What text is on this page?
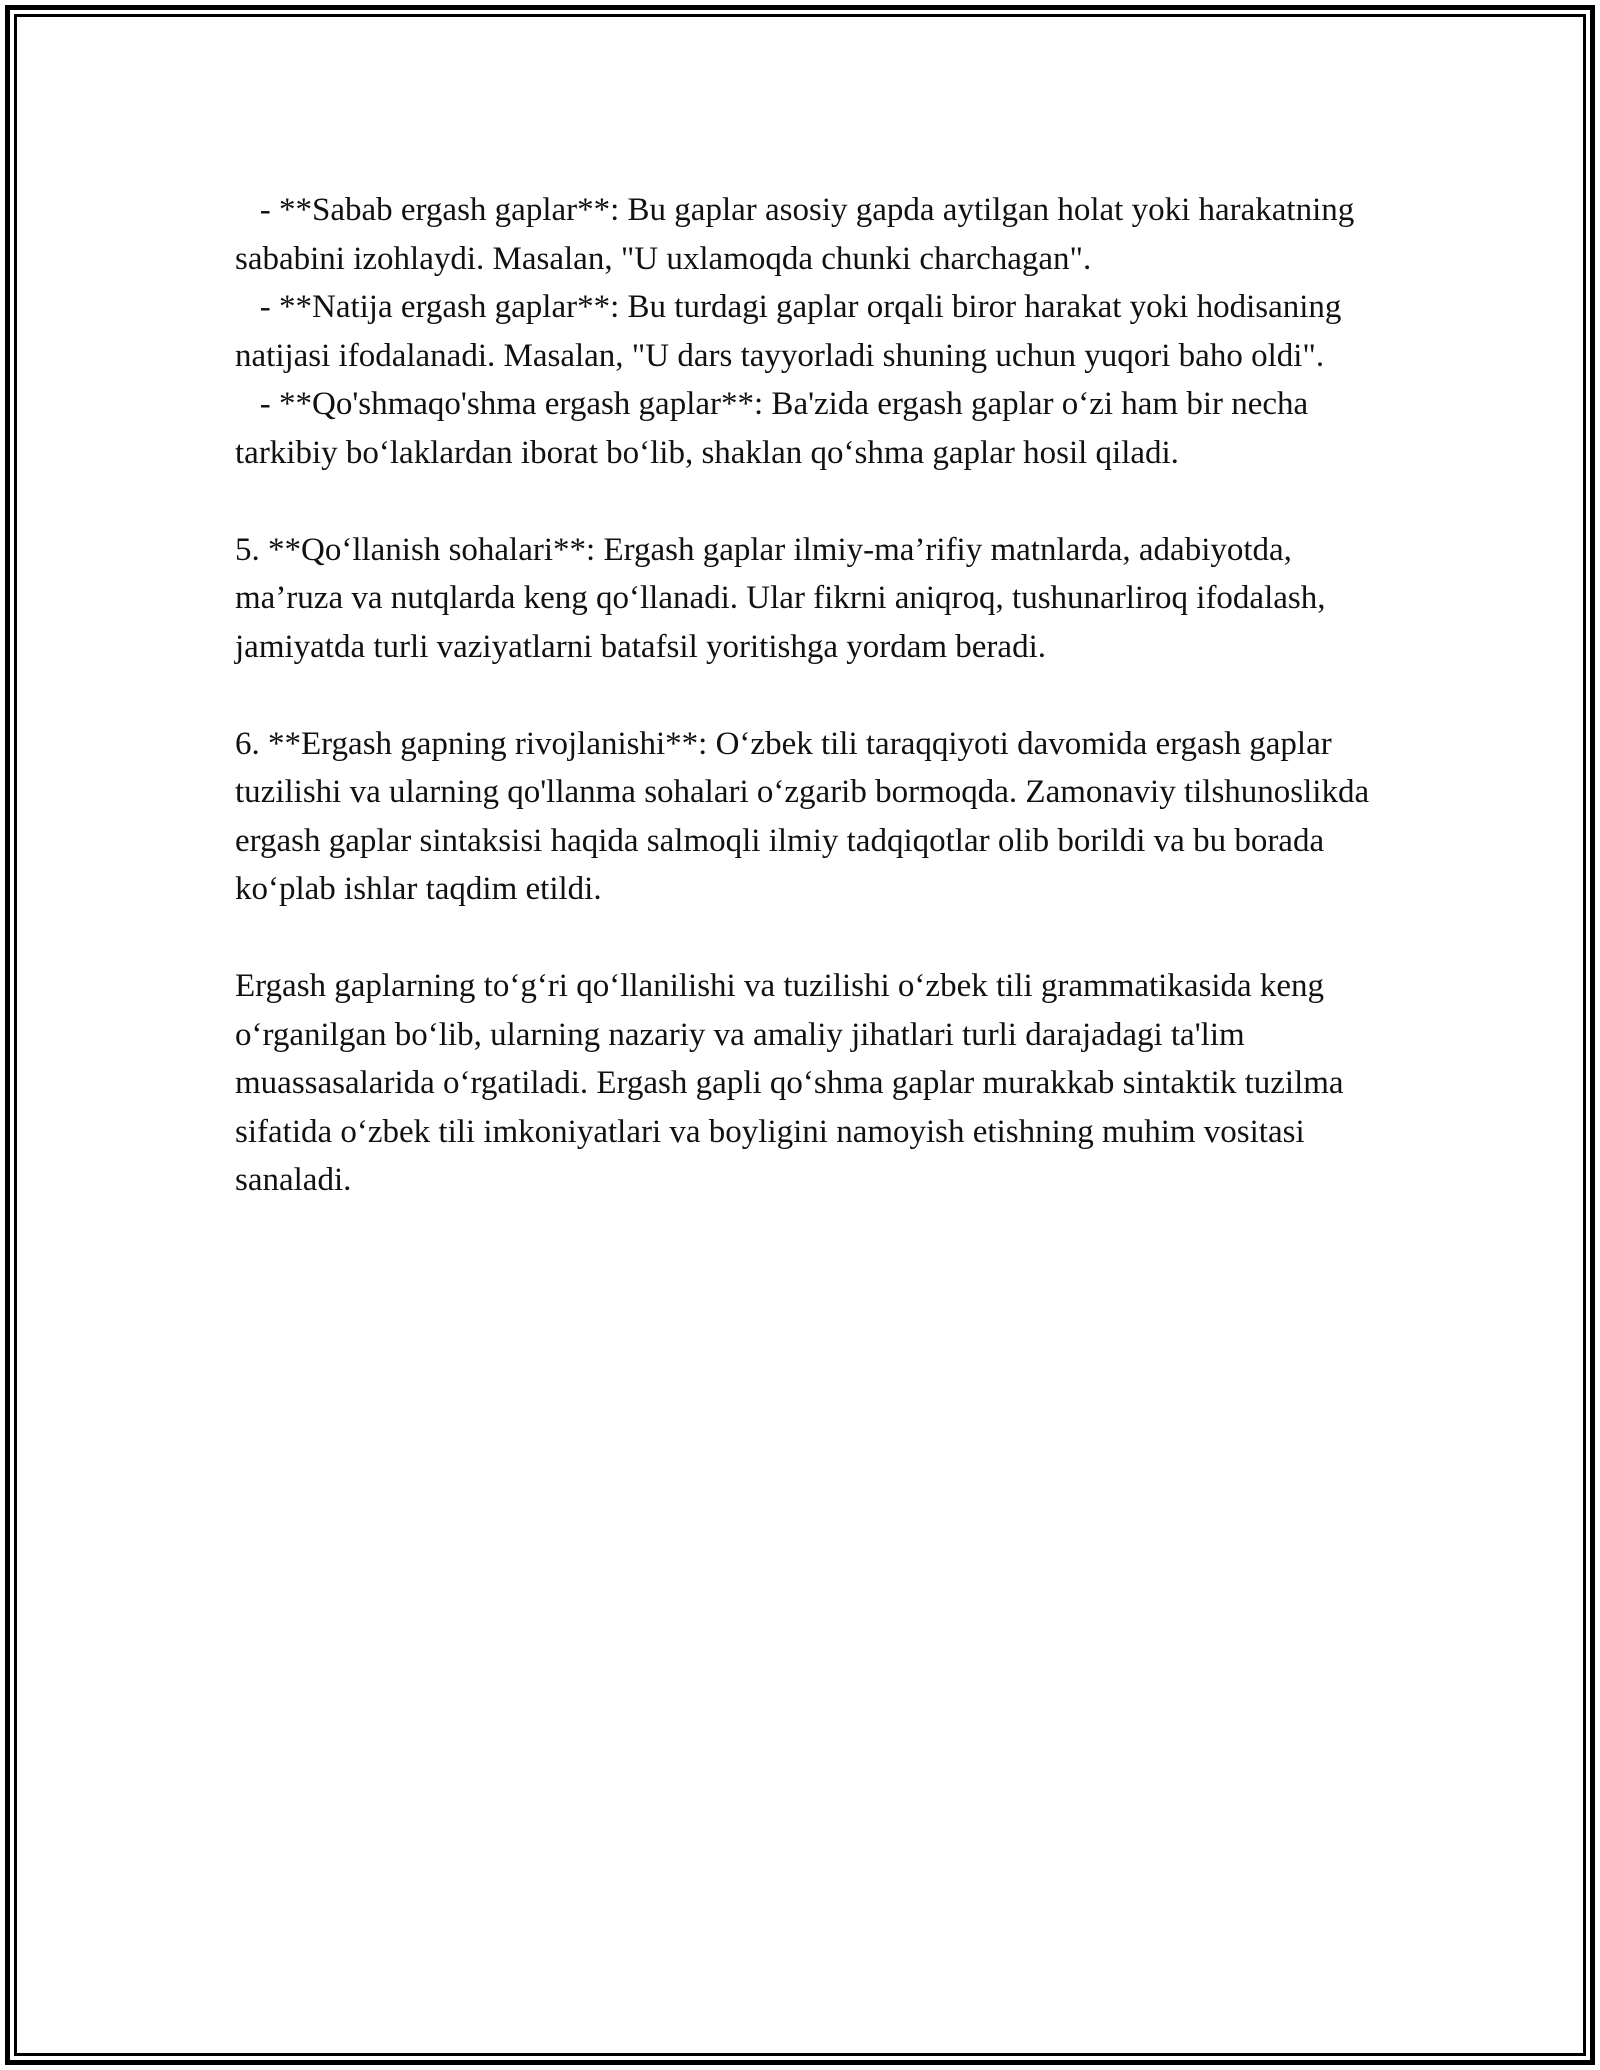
- **Sabab ergash gaplar**: Bu gaplar asosiy gapda aytilgan holat yoki harakatning sababini izohlaydi. Masalan, "U uxlamoqda chunki charchagan".

- **Natija ergash gaplar**: Bu turdagi gaplar orqali biror harakat yoki hodisaning natijasi ifodalanadi. Masalan, "U dars tayyorladi shuning uchun yuqori baho oldi".

- **Qo'shmaqo'shma ergash gaplar**: Ba'zida ergash gaplar o‘zi ham bir necha tarkibiy bo‘laklardan iborat bo‘lib, shaklan qo‘shma gaplar hosil qiladi.

5. **Qo‘llanish sohalari**: Ergash gaplar ilmiy-ma’rifiy matnlarda, adabiyotda, ma’ruza va nutqlarda keng qo‘llanadi. Ular fikrni aniqroq, tushunarliroq ifodalash, jamiyatda turli vaziyatlarni batafsil yoritishga yordam beradi.

6. **Ergash gapning rivojlanishi**: O‘zbek tili taraqqiyoti davomida ergash gaplar tuzilishi va ularning qo'llanma sohalari o‘zgarib bormoqda. Zamonaviy tilshunoslikda ergash gaplar sintaksisi haqida salmoqli ilmiy tadqiqotlar olib borildi va bu borada ko‘plab ishlar taqdim etildi.

Ergash gaplarning to‘g‘ri qo‘llanilishi va tuzilishi o‘zbek tili grammatikasida keng o‘rganilgan bo‘lib, ularning nazariy va amaliy jihatlari turli darajadagi ta'lim muassasalarida o‘rgatiladi. Ergash gapli qo‘shma gaplar murakkab sintaktik tuzilma sifatida o‘zbek tili imkoniyatlari va boyligini namoyish etishning muhim vositasi sanaladi.
